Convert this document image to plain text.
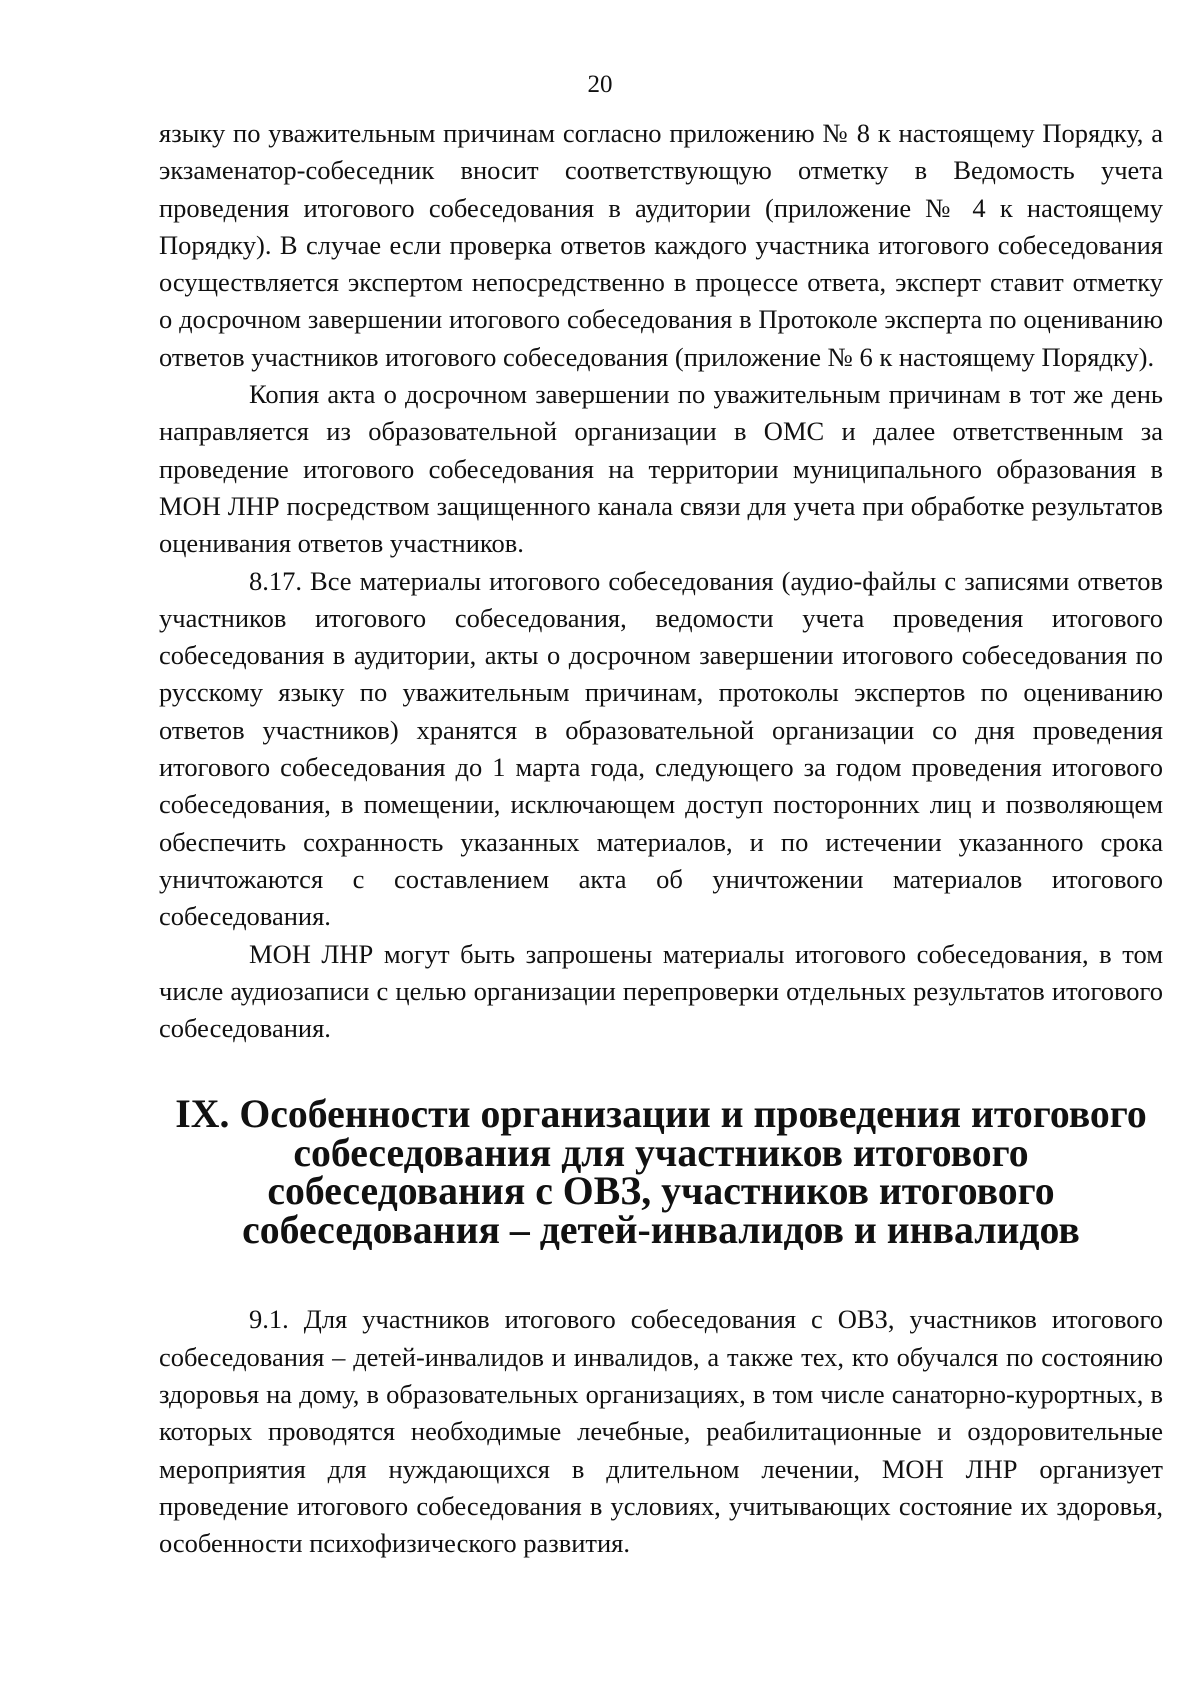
20

языку по уважительным причинам согласно приложению № 8 к настоящему Порядку, а экзаменатор-собеседник вносит соответствующую отметку в Ведомость учета проведения итогового собеседования в аудитории (приложение № 4 к настоящему Порядку). В случае если проверка ответов каждого участника итогового собеседования осуществляется экспертом непосредственно в процессе ответа, эксперт ставит отметку о досрочном завершении итогового собеседования в Протоколе эксперта по оцениванию ответов участников итогового собеседования (приложение № 6 к настоящему Порядку).

Копия акта о досрочном завершении по уважительным причинам в тот же день направляется из образовательной организации в ОМС и далее ответственным за проведение итогового собеседования на территории муниципального образования в МОН ЛНР посредством защищенного канала связи для учета при обработке результатов оценивания ответов участников.

8.17. Все материалы итогового собеседования (аудио-файлы с записями ответов участников итогового собеседования, ведомости учета проведения итогового собеседования в аудитории, акты о досрочном завершении итогового собеседования по русскому языку по уважительным причинам, протоколы экспертов по оцениванию ответов участников) хранятся в образовательной организации со дня проведения итогового собеседования до 1 марта года, следующего за годом проведения итогового собеседования, в помещении, исключающем доступ посторонних лиц и позволяющем обеспечить сохранность указанных материалов, и по истечении указанного срока уничтожаются с составлением акта об уничтожении материалов итогового собеседования.

МОН ЛНР могут быть запрошены материалы итогового собеседования, в том числе аудиозаписи с целью организации перепроверки отдельных результатов итогового собеседования.

IX. Особенности организации и проведения итогового собеседования для участников итогового собеседования с ОВЗ, участников итогового собеседования – детей-инвалидов и инвалидов

9.1. Для участников итогового собеседования с ОВЗ, участников итогового собеседования – детей-инвалидов и инвалидов, а также тех, кто обучался по состоянию здоровья на дому, в образовательных организациях, в том числе санаторно-курортных, в которых проводятся необходимые лечебные, реабилитационные и оздоровительные мероприятия для нуждающихся в длительном лечении, МОН ЛНР организует проведение итогового собеседования в условиях, учитывающих состояние их здоровья, особенности психофизического развития.
